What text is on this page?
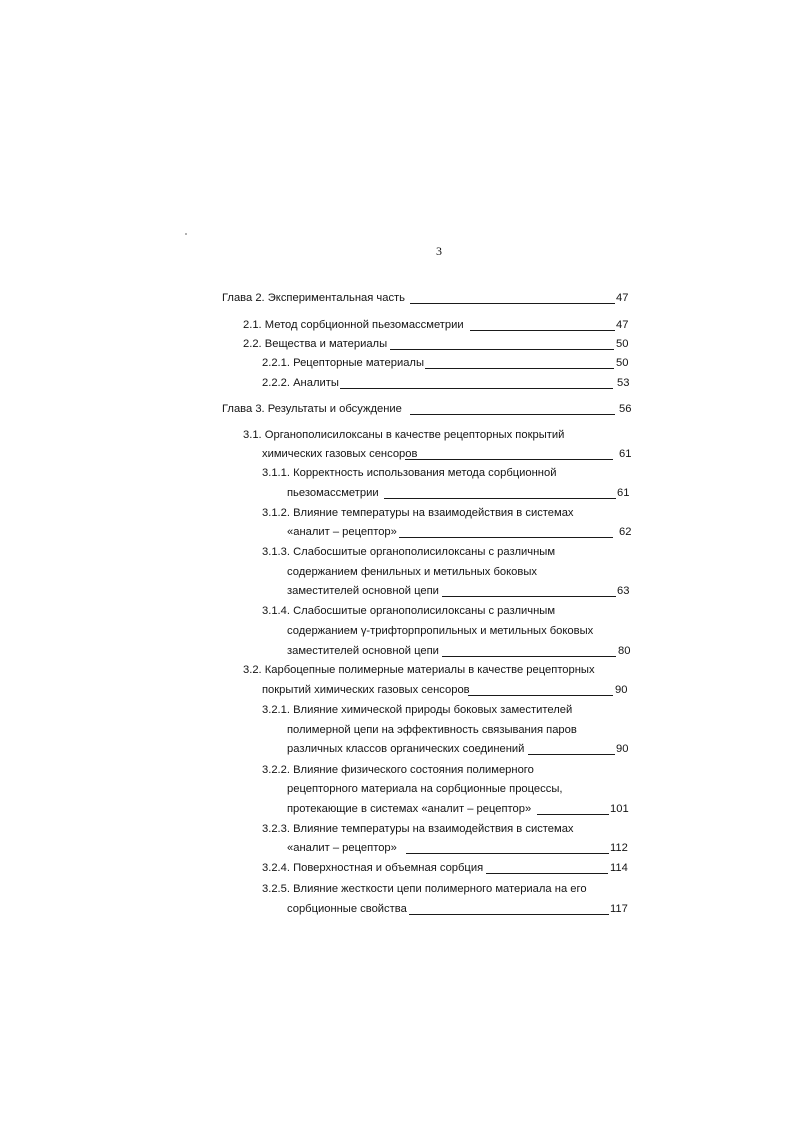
3
Глава 2. Экспериментальная часть	47
2.1. Метод сорбционной пьезомассметрии	47
2.2. Вещества и материалы	50
2.2.1. Рецепторные материалы	50
2.2.2. Аналиты	53
Глава 3. Результаты и обсуждение	56
3.1. Органополисилоксаны в качестве рецепторных покрытий
химических газовых сенсоров	61
3.1.1. Корректность использования метода сорбционной
пьезомассметрии	61
3.1.2. Влияние температуры на взаимодействия в системах
«аналит – рецептор»	62
3.1.3. Слабосшитые органополисилоксаны с различным
содержанием фенильных и метильных боковых
заместителей основной цепи	63
3.1.4. Слабосшитые органополисилоксаны с различным
содержанием γ-трифторпропильных и метильных боковых
заместителей основной цепи	80
3.2. Карбоцепные полимерные материалы в качестве рецепторных
покрытий химических газовых сенсоров	90
3.2.1. Влияние химической природы боковых заместителей
полимерной цепи на эффективность связывания паров
различных классов органических соединений	90
3.2.2. Влияние физического состояния полимерного
рецепторного материала на сорбционные процессы,
протекающие в системах «аналит – рецептор»	101
3.2.3. Влияние температуры на взаимодействия в системах
«аналит – рецептор»	112
3.2.4. Поверхностная и объемная сорбция	114
3.2.5. Влияние жесткости цепи полимерного материала на его
сорбционные свойства	117
